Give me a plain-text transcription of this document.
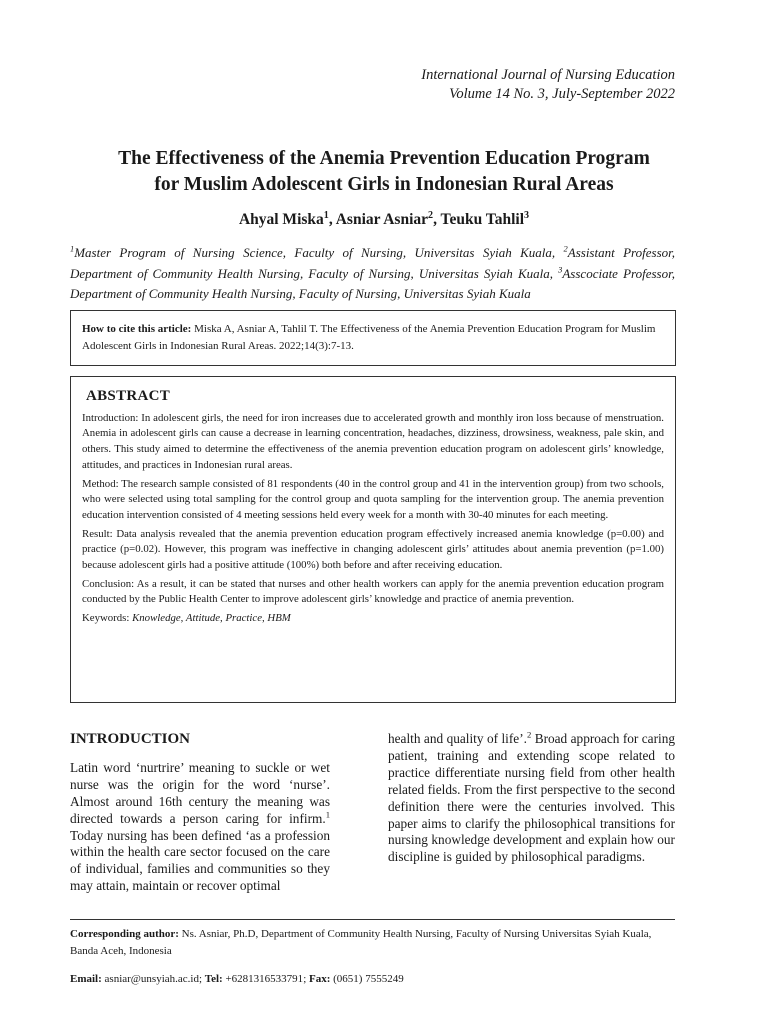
International Journal of Nursing Education
Volume 14 No. 3, July-September 2022
The Effectiveness of the Anemia Prevention Education Program
for Muslim Adolescent Girls in Indonesian Rural Areas
Ahyal Miska$^1$, Asniar Asniar$^2$, Teuku Tahlil$^3$
$^1$Master Program of Nursing Science, Faculty of Nursing, Universitas Syiah Kuala, $^2$Assistant Professor, Department of Community Health Nursing, Faculty of Nursing, Universitas Syiah Kuala, $^3$Asscociate Professor, Department of Community Health Nursing, Faculty of Nursing, Universitas Syiah Kuala
How to cite this article: Miska A, Asniar A, Tahlil T. The Effectiveness of the Anemia Prevention Education Program for Muslim Adolescent Girls in Indonesian Rural Areas. 2022;14(3):7-13.
ABSTRACT

Introduction: In adolescent girls, the need for iron increases due to accelerated growth and monthly iron loss because of menstruation. Anemia in adolescent girls can cause a decrease in learning concentration, headaches, dizziness, drowsiness, weakness, pale skin, and others. This study aimed to determine the effectiveness of the anemia prevention education program on adolescent girls’ knowledge, attitudes, and practices in Indonesian rural areas.

Method: The research sample consisted of 81 respondents (40 in the control group and 41 in the intervention group) from two schools, who were selected using total sampling for the control group and quota sampling for the intervention group. The anemia prevention education intervention consisted of 4 meeting sessions held every week for a month with 30-40 minutes for each meeting.

Result: Data analysis revealed that the anemia prevention education program effectively increased anemia knowledge (p=0.00) and practice (p=0.02). However, this program was ineffective in changing adolescent girls’ attitudes about anemia prevention (p=1.00) because adolescent girls had a positive attitude (100%) both before and after receiving education.

Conclusion: As a result, it can be stated that nurses and other health workers can apply for the anemia prevention education program conducted by the Public Health Center to improve adolescent girls’ knowledge and practice of anemia prevention.

Keywords: Knowledge, Attitude, Practice, HBM

INTRODUCTION

Latin word ‘nurtrire’ meaning to suckle or wet nurse was the origin for the word ‘nurse’. Almost around 16th century the meaning was directed towards a person caring for infirm.$^1$ Today nursing has been defined ‘as a profession within the health care sector focused on the care of individual, families and communities so they may attain, maintain or recover optimal

health and quality of life’.$^2$ Broad approach for caring patient, training and extending scope related to practice differentiate nursing field from other health related fields. From the first perspective to the second definition there were the centuries involved. This paper aims to clarify the philosophical transitions for nursing knowledge development and explain how our discipline is guided by philosophical paradigms.

Corresponding author: Ns. Asniar, Ph.D, Department of Community Health Nursing, Faculty of Nursing Universitas Syiah Kuala, Banda Aceh, Indonesia

Email: asniar@unsyiah.ac.id; Tel: +6281316533791; Fax: (0651) 7555249
